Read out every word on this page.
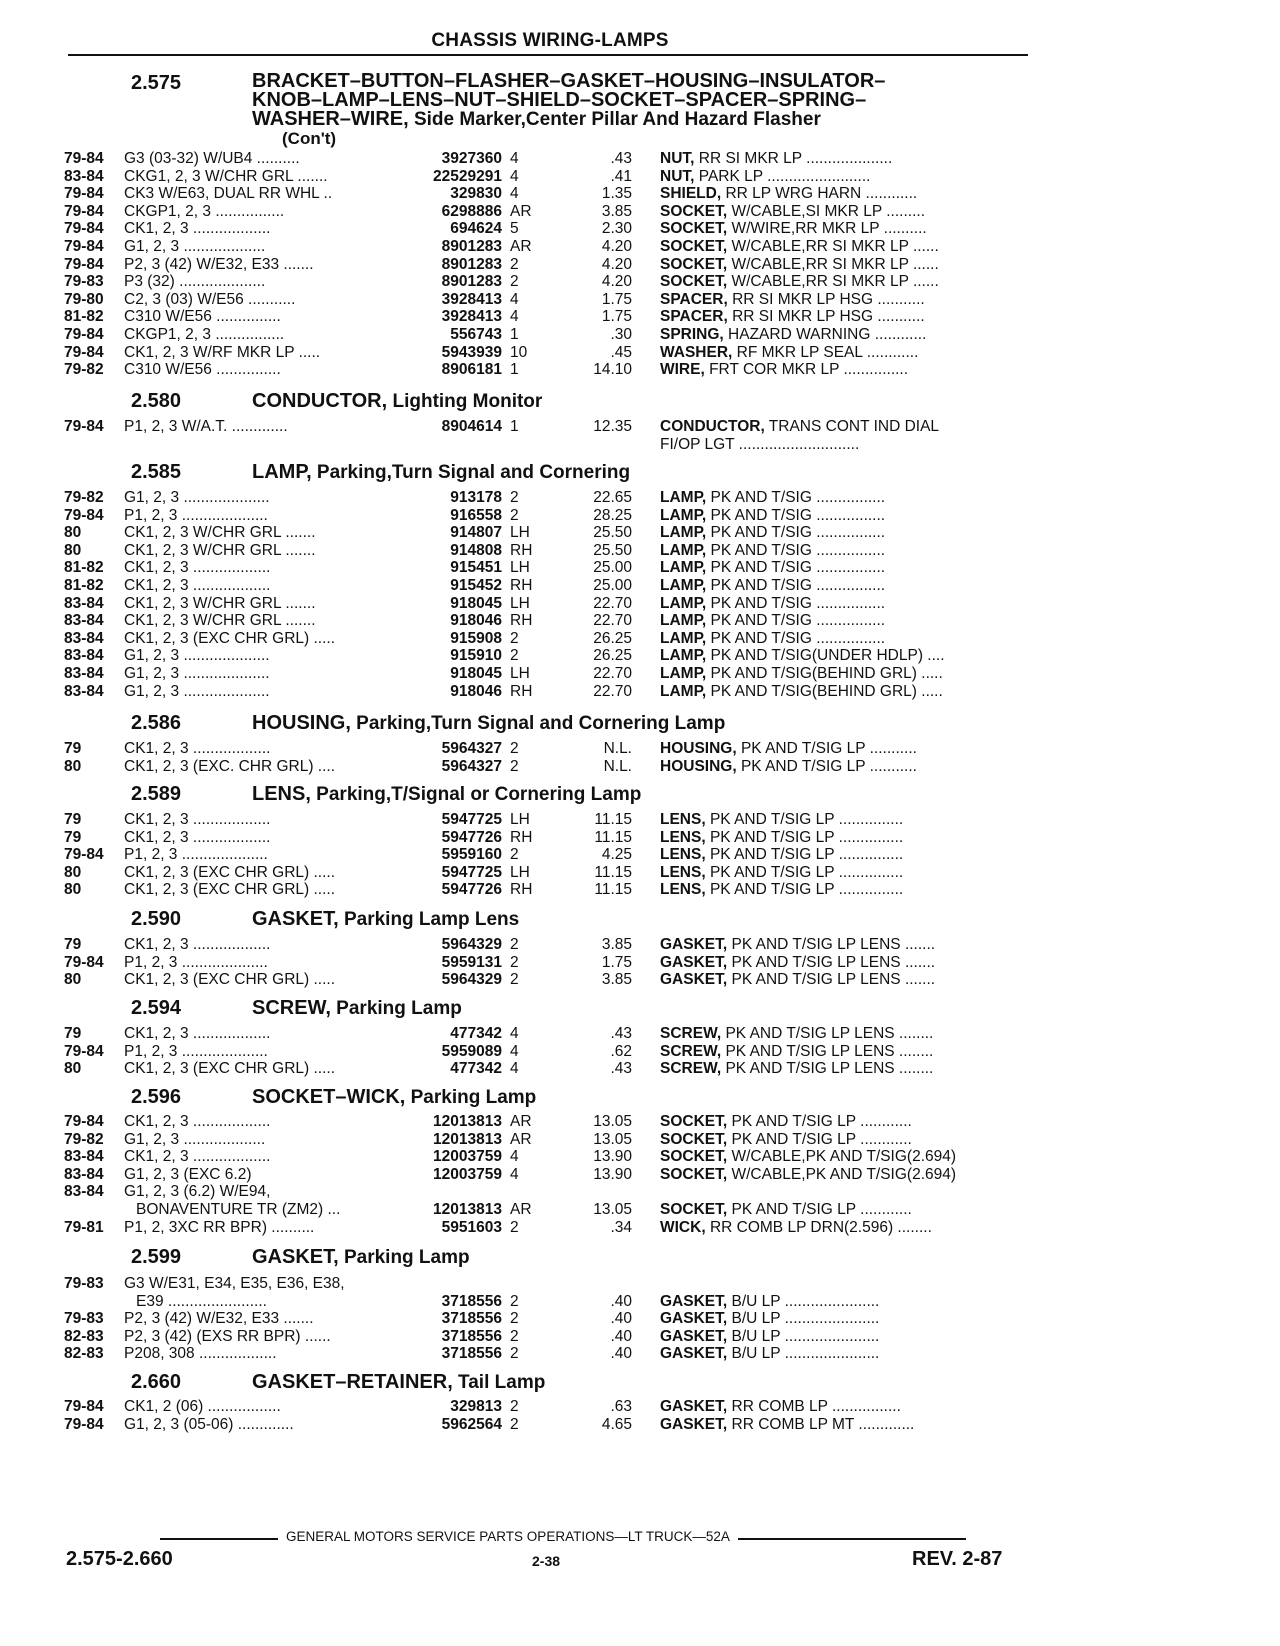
CHASSIS WIRING-LAMPS
2.575	BRACKET–BUTTON–FLASHER–GASKET–HOUSING–INSULATOR–
KNOB–LAMP–LENS–NUT–SHIELD–SOCKET–SPACER–SPRING–
WASHER–WIRE, Side Marker,Center Pillar And Hazard Flasher
(Con't)
79-84 G3 (03-32) W/UB4 ..........	3927360 4	.43 NUT, RR SI MKR LP ....................
83-84 CKG1, 2, 3 W/CHR GRL .......	22529291 4	.41 NUT, PARK LP ........................
79-84 CK3 W/E63, DUAL RR WHL ..	329830 4	1.35 SHIELD, RR LP WRG HARN ............
79-84 CKGP1, 2, 3 ................	6298886 AR	3.85 SOCKET, W/CABLE,SI MKR LP .........
79-84 CK1, 2, 3 ..................	694624 5	2.30 SOCKET, W/WIRE,RR MKR LP ..........
79-84 G1, 2, 3 ...................	8901283 AR	4.20 SOCKET, W/CABLE,RR SI MKR LP ......
79-84 P2, 3 (42) W/E32, E33 .......	8901283 2	4.20 SOCKET, W/CABLE,RR SI MKR LP ......
79-83 P3 (32) ....................	8901283 2	4.20 SOCKET, W/CABLE,RR SI MKR LP ......
79-80 C2, 3 (03) W/E56 ...........	3928413 4	1.75 SPACER, RR SI MKR LP HSG ...........
81-82 C310 W/E56 ...............	3928413 4	1.75 SPACER, RR SI MKR LP HSG ...........
79-84 CKGP1, 2, 3 ................	556743 1	.30 SPRING, HAZARD WARNING ............
79-84 CK1, 2, 3 W/RF MKR LP .....	5943939 10	.45 WASHER, RF MKR LP SEAL ............
79-82 C310 W/E56 ...............	8906181 1	14.10 WIRE, FRT COR MKR LP ...............
2.580	CONDUCTOR, Lighting Monitor
79-84 P1, 2, 3 W/A.T. .............	8904614 1	12.35 CONDUCTOR, TRANS CONT IND DIAL
FI/OP LGT ............................
2.585	LAMP, Parking,Turn Signal and Cornering
79-82 G1, 2, 3 ....................	913178 2	22.65 LAMP, PK AND T/SIG ................
79-84 P1, 2, 3 ....................	916558 2	28.25 LAMP, PK AND T/SIG ................
80	CK1, 2, 3 W/CHR GRL .......	914807 LH	25.50 LAMP, PK AND T/SIG ................
80	CK1, 2, 3 W/CHR GRL .......	914808 RH	25.50 LAMP, PK AND T/SIG ................
81-82 CK1, 2, 3 ..................	915451 LH	25.00 LAMP, PK AND T/SIG ................
81-82 CK1, 2, 3 ..................	915452 RH	25.00 LAMP, PK AND T/SIG ................
83-84 CK1, 2, 3 W/CHR GRL .......	918045 LH	22.70 LAMP, PK AND T/SIG ................
83-84 CK1, 2, 3 W/CHR GRL .......	918046 RH	22.70 LAMP, PK AND T/SIG ................
83-84 CK1, 2, 3 (EXC CHR GRL) .....	915908 2	26.25 LAMP, PK AND T/SIG ................
83-84 G1, 2, 3 ....................	915910 2	26.25 LAMP, PK AND T/SIG(UNDER HDLP) ....
83-84 G1, 2, 3 ....................	918045 LH	22.70 LAMP, PK AND T/SIG(BEHIND GRL) .....
83-84 G1, 2, 3 ....................	918046 RH	22.70 LAMP, PK AND T/SIG(BEHIND GRL) .....
2.586	HOUSING, Parking,Turn Signal and Cornering Lamp
79	CK1, 2, 3 ..................	5964327 2	N.L. HOUSING, PK AND T/SIG LP ...........
80	CK1, 2, 3 (EXC. CHR GRL) ....	5964327 2	N.L. HOUSING, PK AND T/SIG LP ...........
2.589	LENS, Parking,T/Signal or Cornering Lamp
79	CK1, 2, 3 ..................	5947725 LH	11.15 LENS, PK AND T/SIG LP ...............
79	CK1, 2, 3 ..................	5947726 RH	11.15 LENS, PK AND T/SIG LP ...............
79-84 P1, 2, 3 ....................	5959160 2	4.25 LENS, PK AND T/SIG LP ...............
80	CK1, 2, 3 (EXC CHR GRL) .....	5947725 LH	11.15 LENS, PK AND T/SIG LP ...............
80	CK1, 2, 3 (EXC CHR GRL) .....	5947726 RH	11.15 LENS, PK AND T/SIG LP ...............
2.590	GASKET, Parking Lamp Lens
79	CK1, 2, 3 ..................	5964329 2	3.85 GASKET, PK AND T/SIG LP LENS .......
79-84 P1, 2, 3 ....................	5959131 2	1.75 GASKET, PK AND T/SIG LP LENS .......
80	CK1, 2, 3 (EXC CHR GRL) .....	5964329 2	3.85 GASKET, PK AND T/SIG LP LENS .......
2.594	SCREW, Parking Lamp
79	CK1, 2, 3 ..................	477342 4	.43 SCREW, PK AND T/SIG LP LENS ........
79-84 P1, 2, 3 ....................	5959089 4	.62 SCREW, PK AND T/SIG LP LENS ........
80	CK1, 2, 3 (EXC CHR GRL) .....	477342 4	.43 SCREW, PK AND T/SIG LP LENS ........
2.596	SOCKET–WICK, Parking Lamp
79-84 CK1, 2, 3 ..................	12013813 AR	13.05 SOCKET, PK AND T/SIG LP ............
79-82 G1, 2, 3 ...................	12013813 AR	13.05 SOCKET, PK AND T/SIG LP ............
83-84 CK1, 2, 3 ..................	12003759 4	13.90 SOCKET, W/CABLE,PK AND T/SIG(2.694)
83-84 G1, 2, 3 (EXC 6.2)	12003759 4	13.90 SOCKET, W/CABLE,PK AND T/SIG(2.694)
83-84 G1, 2, 3 (6.2) W/E94,
BONAVENTURE TR (ZM2) ...	12013813 AR	13.05 SOCKET, PK AND T/SIG LP ............
79-81 P1, 2, 3XC RR BPR) ..........	5951603 2	.34 WICK, RR COMB LP DRN(2.596) ........
2.599	GASKET, Parking Lamp
79-83 G3 W/E31, E34, E35, E36, E38,
E39 .......................	3718556 2	.40 GASKET, B/U LP ......................
79-83 P2, 3 (42) W/E32, E33 .......	3718556 2	.40 GASKET, B/U LP ......................
82-83 P2, 3 (42) (EXS RR BPR) ......	3718556 2	.40 GASKET, B/U LP ......................
82-83 P208, 308 ..................	3718556 2	.40 GASKET, B/U LP ......................
2.660	GASKET–RETAINER, Tail Lamp
79-84 CK1, 2 (06) .................	329813 2	.63 GASKET, RR COMB LP ................
79-84 G1, 2, 3 (05-06) .............	5962564 2	4.65 GASKET, RR COMB LP MT .............
GENERAL MOTORS SERVICE PARTS OPERATIONS—LT TRUCK—52A
2.575-2.660	2-38	REV. 2-87
